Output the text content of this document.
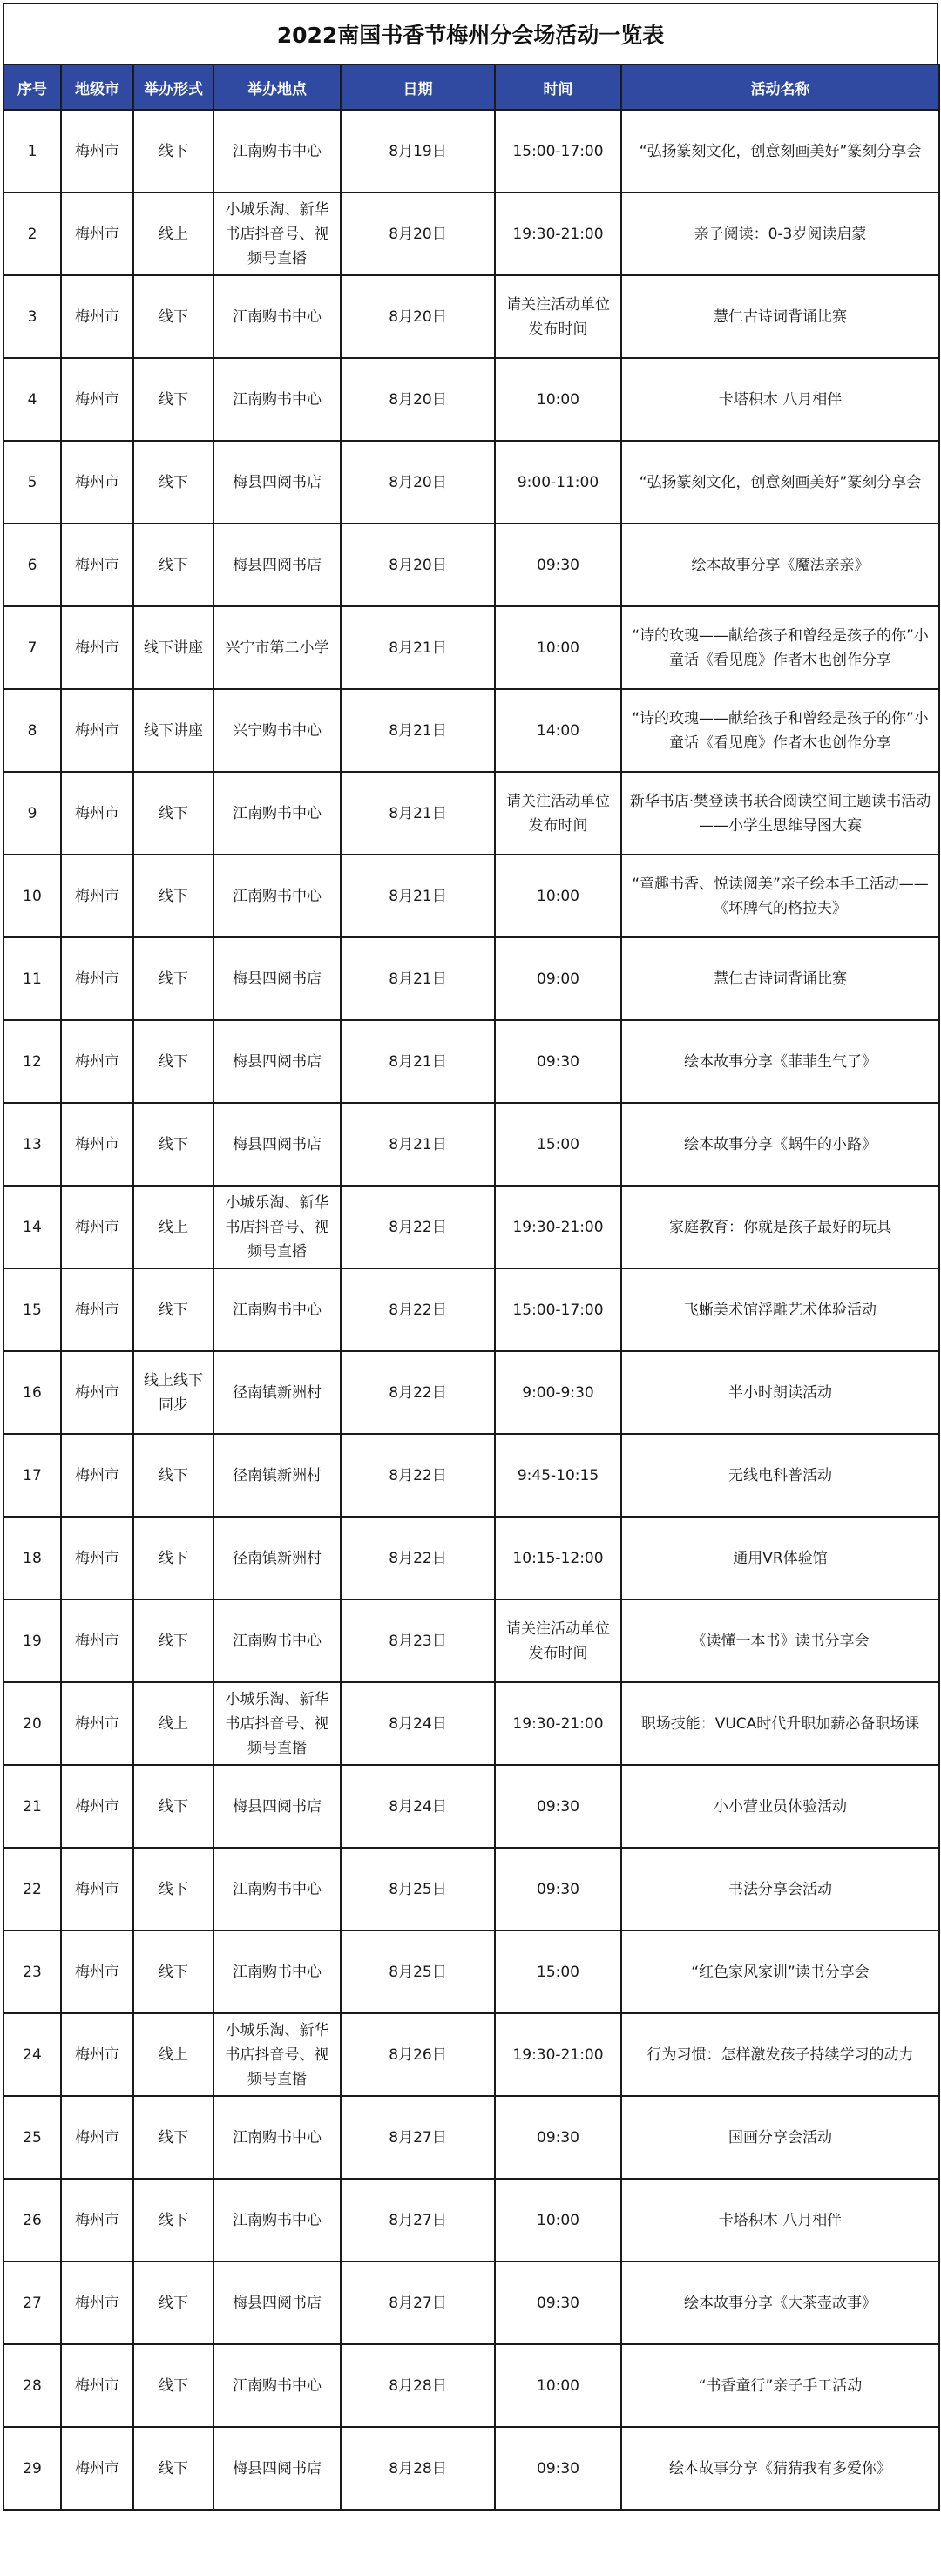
2022南国书香节梅州分会场活动一览表
序号	地级市	举办形式	举办地点	日期	时间	活动名称
1	梅州市	线下	江南购书中心	8月19日	15:00-17:00	“弘扬篆刻文化，创意刻画美好”篆刻分享会
2	梅州市	线上	小城乐淘、新华书店抖音号、视频号直播	8月20日	19:30-21:00	亲子阅读：0-3岁阅读启蒙
3	梅州市	线下	江南购书中心	8月20日	请关注活动单位发布时间	慧仁古诗词背诵比赛
4	梅州市	线下	江南购书中心	8月20日	10:00	卡塔积木 八月相伴
5	梅州市	线下	梅县四阅书店	8月20日	9:00-11:00	“弘扬篆刻文化，创意刻画美好”篆刻分享会
6	梅州市	线下	梅县四阅书店	8月20日	09:30	绘本故事分享《魔法亲亲》
7	梅州市	线下讲座	兴宁市第二小学	8月21日	10:00	“诗的玫瑰——献给孩子和曾经是孩子的你”小童话《看见鹿》作者木也创作分享
8	梅州市	线下讲座	兴宁购书中心	8月21日	14:00	“诗的玫瑰——献给孩子和曾经是孩子的你”小童话《看见鹿》作者木也创作分享
9	梅州市	线下	江南购书中心	8月21日	请关注活动单位发布时间	新华书店·樊登读书联合阅读空间主题读书活动——小学生思维导图大赛
10	梅州市	线下	江南购书中心	8月21日	10:00	“童趣书香、悦读阅美”亲子绘本手工活动——《坏脾气的格拉夫》
11	梅州市	线下	梅县四阅书店	8月21日	09:00	慧仁古诗词背诵比赛
12	梅州市	线下	梅县四阅书店	8月21日	09:30	绘本故事分享《菲菲生气了》
13	梅州市	线下	梅县四阅书店	8月21日	15:00	绘本故事分享《蜗牛的小路》
14	梅州市	线上	小城乐淘、新华书店抖音号、视频号直播	8月22日	19:30-21:00	家庭教育：你就是孩子最好的玩具
15	梅州市	线下	江南购书中心	8月22日	15:00-17:00	飞蜥美术馆浮雕艺术体验活动
16	梅州市	线上线下同步	径南镇新洲村	8月22日	9:00-9:30	半小时朗读活动
17	梅州市	线下	径南镇新洲村	8月22日	9:45-10:15	无线电科普活动
18	梅州市	线下	径南镇新洲村	8月22日	10:15-12:00	通用VR体验馆
19	梅州市	线下	江南购书中心	8月23日	请关注活动单位发布时间	《读懂一本书》读书分享会
20	梅州市	线上	小城乐淘、新华书店抖音号、视频号直播	8月24日	19:30-21:00	职场技能：VUCA时代升职加薪必备职场课
21	梅州市	线下	梅县四阅书店	8月24日	09:30	小小营业员体验活动
22	梅州市	线下	江南购书中心	8月25日	09:30	书法分享会活动
23	梅州市	线下	江南购书中心	8月25日	15:00	“红色家风家训”读书分享会
24	梅州市	线上	小城乐淘、新华书店抖音号、视频号直播	8月26日	19:30-21:00	行为习惯：怎样激发孩子持续学习的动力
25	梅州市	线下	江南购书中心	8月27日	09:30	国画分享会活动
26	梅州市	线下	江南购书中心	8月27日	10:00	卡塔积木 八月相伴
27	梅州市	线下	梅县四阅书店	8月27日	09:30	绘本故事分享《大茶壶故事》
28	梅州市	线下	江南购书中心	8月28日	10:00	“书香童行”亲子手工活动
29	梅州市	线下	梅县四阅书店	8月28日	09:30	绘本故事分享《猜猜我有多爱你》
